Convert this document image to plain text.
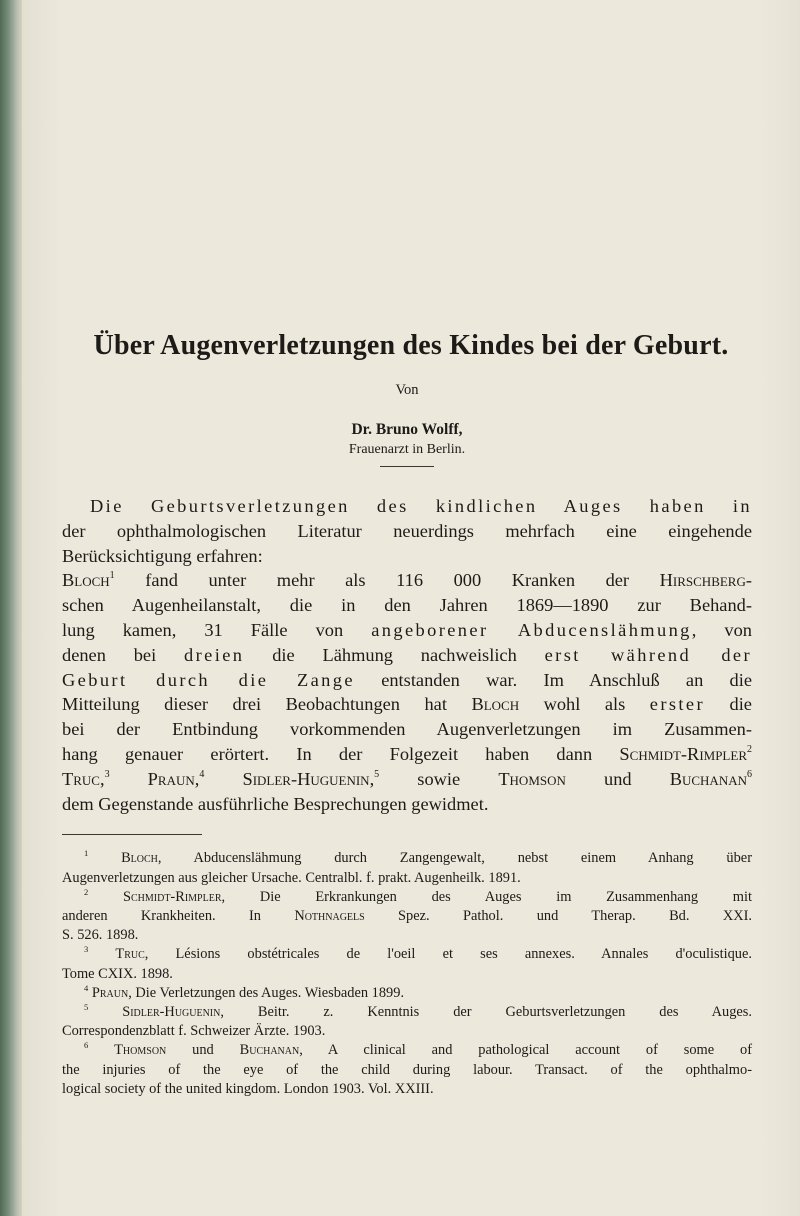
Über Augenverletzungen des Kindes bei der Geburt.

Von

Dr. Bruno Wolff,

Frauenarzt in Berlin.

Die Geburtsverletzungen des kindlichen Auges haben in
der ophthalmologischen Literatur neuerdings mehrfach eine eingehende
Berücksichtigung erfahren:
Bloch$^1$ fand unter mehr als 116 000 Kranken der Hirschberg-
schen Augenheilanstalt, die in den Jahren 1869—1890 zur Behand-
lung kamen, 31 Fälle von angeborener Abducenslähmung, von
denen bei dreien die Lähmung nachweislich erst während der
Geburt durch die Zange entstanden war. Im Anschluß an die
Mitteilung dieser drei Beobachtungen hat Bloch wohl als erster die
bei der Entbindung vorkommenden Augenverletzungen im Zusammen-
hang genauer erörtert. In der Folgezeit haben dann Schmidt-Rimpler$^2$
Truc,$^3$ Praun,$^4$ Sidler-Huguenin,$^5$ sowie Thomson und Buchanan$^6$
dem Gegenstande ausführliche Besprechungen gewidmet.
$^1$ Bloch, Abducenslähmung durch Zangengewalt, nebst einem Anhang über
Augenverletzungen aus gleicher Ursache. Centralbl. f. prakt. Augenheilk. 1891.
$^2$ Schmidt-Rimpler, Die Erkrankungen des Auges im Zusammenhang mit
anderen Krankheiten. In Nothnagels Spez. Pathol. und Therap. Bd. XXI.
S. 526. 1898.
$^3$ Truc, Lésions obstétricales de l'oeil et ses annexes. Annales d'oculistique.
Tome CXIX. 1898.
$^4$ Praun, Die Verletzungen des Auges. Wiesbaden 1899.
$^5$ Sidler-Huguenin, Beitr. z. Kenntnis der Geburtsverletzungen des Auges.
Correspondenzblatt f. Schweizer Ärzte. 1903.
$^6$ Thomson und Buchanan, A clinical and pathological account of some of
the injuries of the eye of the child during labour. Transact. of the ophthalmo-
logical society of the united kingdom. London 1903. Vol. XXIII.
